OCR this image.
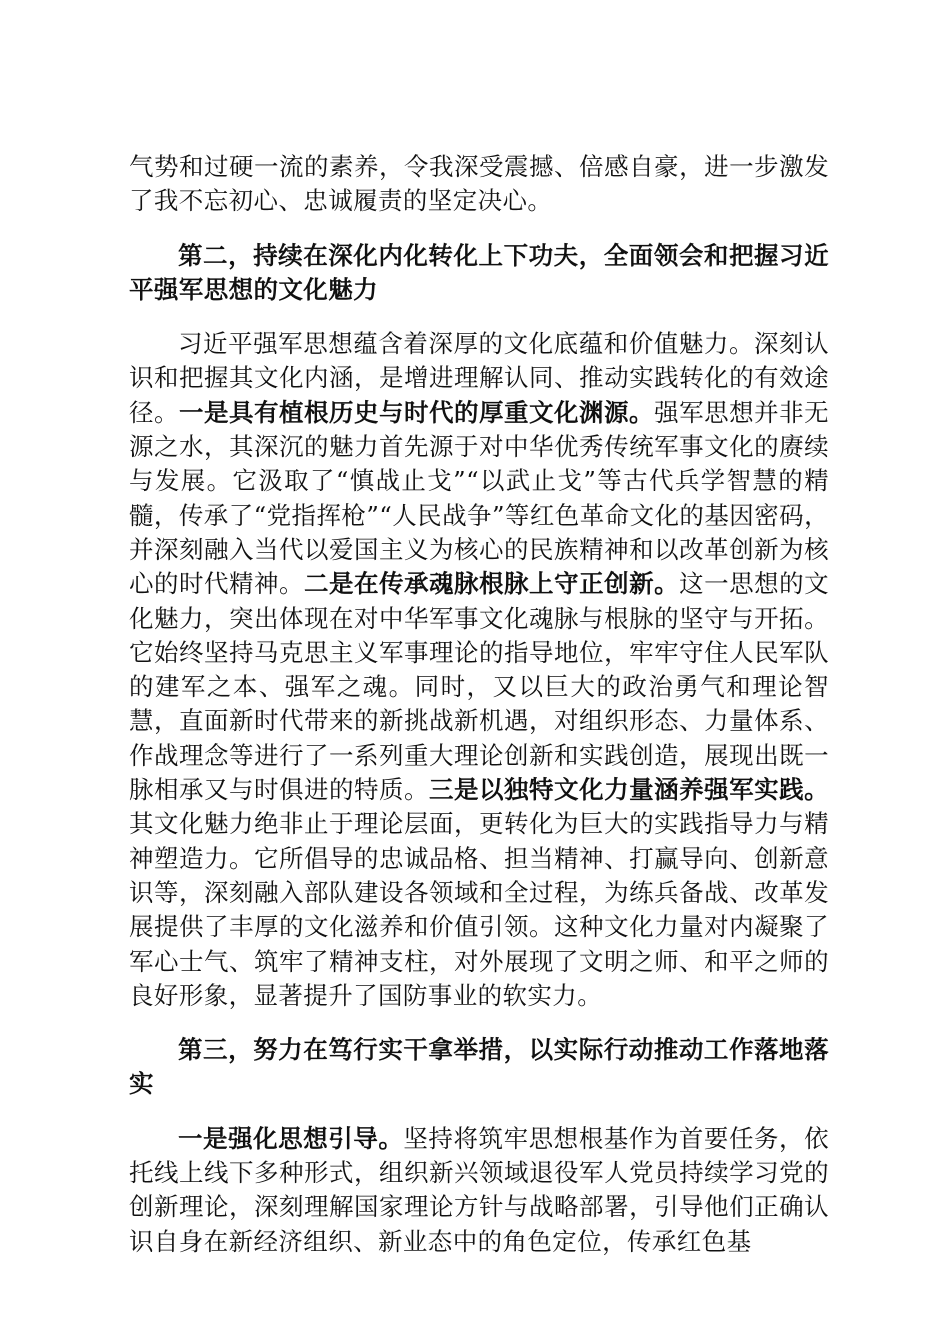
气势和过硬一流的素养，令我深受震撼、倍感自豪，进一步激发了我不忘初心、忠诚履责的坚定决心。

第二，持续在深化内化转化上下功夫，全面领会和把握习近平强军思想的文化魅力

习近平强军思想蕴含着深厚的文化底蕴和价值魅力。深刻认识和把握其文化内涵，是增进理解认同、推动实践转化的有效途径。一是具有植根历史与时代的厚重文化渊源。强军思想并非无源之水，其深沉的魅力首先源于对中华优秀传统军事文化的赓续与发展。它汲取了“慎战止戈”“以武止戈”等古代兵学智慧的精髓，传承了“党指挥枪”“人民战争”等红色革命文化的基因密码，并深刻融入当代以爱国主义为核心的民族精神和以改革创新为核心的时代精神。二是在传承魂脉根脉上守正创新。这一思想的文化魅力，突出体现在对中华军事文化魂脉与根脉的坚守与开拓。它始终坚持马克思主义军事理论的指导地位，牢牢守住人民军队的建军之本、强军之魂。同时，又以巨大的政治勇气和理论智慧，直面新时代带来的新挑战新机遇，对组织形态、力量体系、作战理念等进行了一系列重大理论创新和实践创造，展现出既一脉相承又与时俱进的特质。三是以独特文化力量涵养强军实践。其文化魅力绝非止于理论层面，更转化为巨大的实践指导力与精神塑造力。它所倡导的忠诚品格、担当精神、打赢导向、创新意识等，深刻融入部队建设各领域和全过程，为练兵备战、改革发展提供了丰厚的文化滋养和价值引领。这种文化力量对内凝聚了军心士气、筑牢了精神支柱，对外展现了文明之师、和平之师的良好形象，显著提升了国防事业的软实力。

第三，努力在笃行实干拿举措，以实际行动推动工作落地落实

一是强化思想引导。坚持将筑牢思想根基作为首要任务，依托线上线下多种形式，组织新兴领域退役军人党员持续学习党的创新理论，深刻理解国家理论方针与战略部署，引导他们正确认识自身在新经济组织、新业态中的角色定位，传承红色基
